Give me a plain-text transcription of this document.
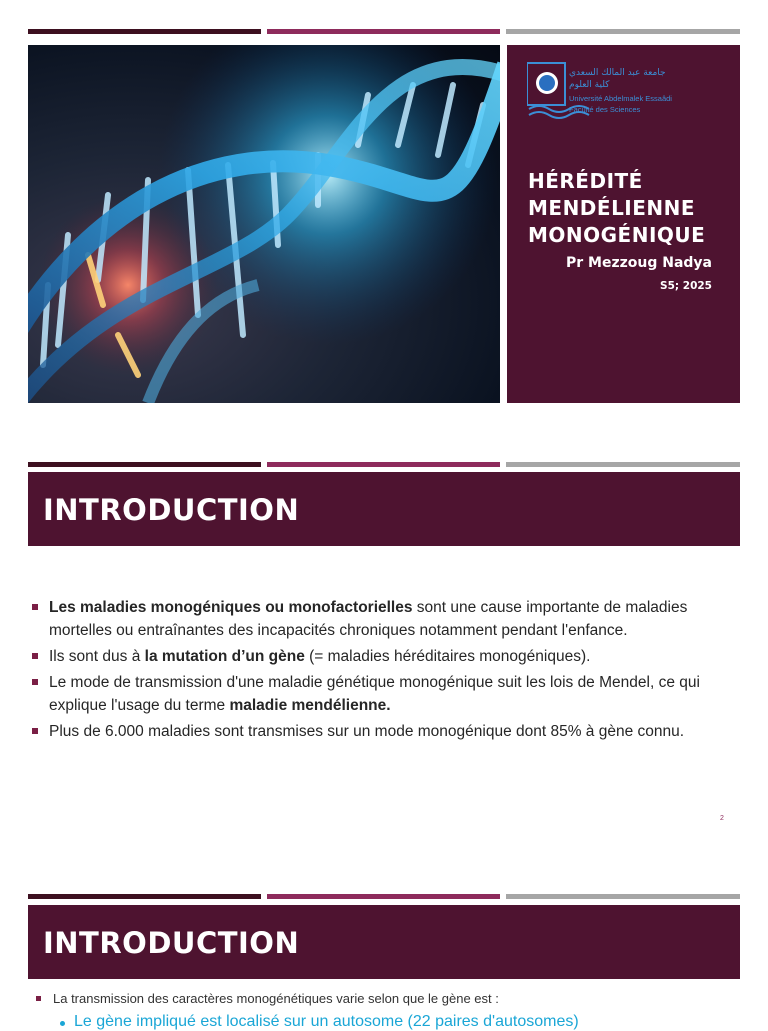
جامعة عبد المالك السعدي
كلية العلوم
Université Abdelmalek Essaâdi
Faculté des Sciences
HÉRÉDITÉ MENDÉLIENNE MONOGÉNIQUE

Pr Mezzoug Nadya

S5; 2025

INTRODUCTION
Les maladies monogéniques ou monofactorielles sont une cause importante de maladies mortelles ou entraînantes des incapacités chroniques notamment pendant l'enfance.
Ils sont dus à la mutation d’un gène (= maladies héréditaires monogéniques).
Le mode de transmission d'une maladie génétique monogénique suit les lois de Mendel, ce qui explique l'usage du terme maladie mendélienne.
Plus de 6.000 maladies sont transmises sur un mode monogénique dont 85% à gène connu.
2
INTRODUCTION
La transmission des caractères monogénétiques varie selon que le gène est :
Le gène impliqué est localisé sur un autosome (22 paires d'autosomes)
